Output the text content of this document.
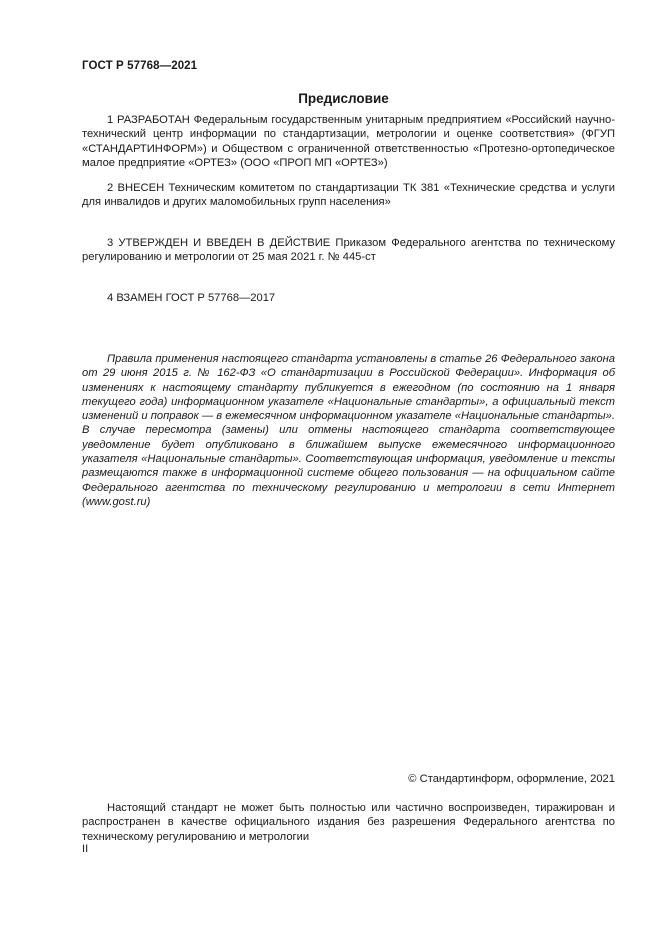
ГОСТ Р 57768—2021
Предисловие
1 РАЗРАБОТАН Федеральным государственным унитарным предприятием «Российский научно-технический центр информации по стандартизации, метрологии и оценке соответствия» (ФГУП «СТАНДАРТИНФОРМ») и Обществом с ограниченной ответственностью «Протезно-ортопедическое малое предприятие «ОРТЕЗ» (ООО «ПРОП МП «ОРТЕЗ»)
2 ВНЕСЕН Техническим комитетом по стандартизации ТК 381 «Технические средства и услуги для инвалидов и других маломобильных групп населения»
3 УТВЕРЖДЕН И ВВЕДЕН В ДЕЙСТВИЕ Приказом Федерального агентства по техническому регулированию и метрологии от 25 мая 2021 г. № 445-ст
4 ВЗАМЕН ГОСТ Р 57768—2017
Правила применения настоящего стандарта установлены в статье 26 Федерального закона от 29 июня 2015 г. № 162-ФЗ «О стандартизации в Российской Федерации». Информация об изменениях к настоящему стандарту публикуется в ежегодном (по состоянию на 1 января текущего года) информационном указателе «Национальные стандарты», а официальный текст изменений и поправок — в ежемесячном информационном указателе «Национальные стандарты». В случае пересмотра (замены) или отмены настоящего стандарта соответствующее уведомление будет опубликовано в ближайшем выпуске ежемесячного информационного указателя «Национальные стандарты». Соответствующая информация, уведомление и тексты размещаются также в информационной системе общего пользования — на официальном сайте Федерального агентства по техническому регулированию и метрологии в сети Интернет (www.gost.ru)
© Стандартинформ, оформление, 2021
Настоящий стандарт не может быть полностью или частично воспроизведен, тиражирован и распространен в качестве официального издания без разрешения Федерального агентства по техническому регулированию и метрологии
II
